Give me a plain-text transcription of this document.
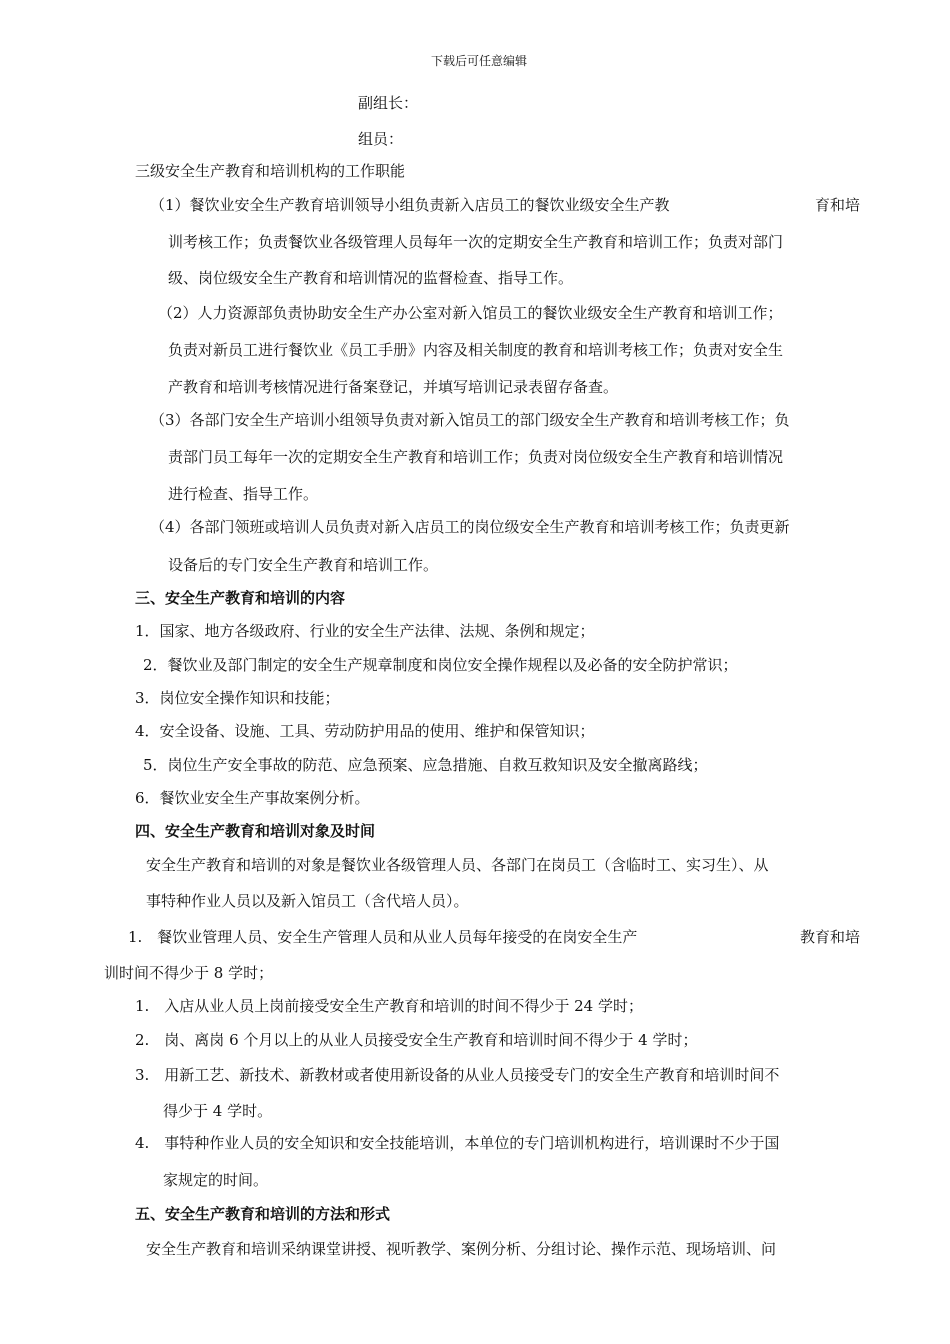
下载后可任意编辑
副组长：
组员：
三级安全生产教育和培训机构的工作职能
（1）餐饮业安全生产教育培训领导小组负责新入店员工的餐饮业级安全生产教	育和培
训考核工作；负责餐饮业各级管理人员每年一次的定期安全生产教育和培训工作；负责对部门
级、岗位级安全生产教育和培训情况的监督检查、指导工作。
（2）人力资源部负责协助安全生产办公室对新入馆员工的餐饮业级安全生产教育和培训工作；
负责对新员工进行餐饮业《员工手册》内容及相关制度的教育和培训考核工作；负责对安全生
产教育和培训考核情况进行备案登记，并填写培训记录表留存备查。
（3）各部门安全生产培训小组领导负责对新入馆员工的部门级安全生产教育和培训考核工作；负
责部门员工每年一次的定期安全生产教育和培训工作；负责对岗位级安全生产教育和培训情况
进行检查、指导工作。
（4）各部门领班或培训人员负责对新入店员工的岗位级安全生产教育和培训考核工作；负责更新
设备后的专门安全生产教育和培训工作。
三、安全生产教育和培训的内容
1．国家、地方各级政府、行业的安全生产法律、法规、条例和规定；
2．餐饮业及部门制定的安全生产规章制度和岗位安全操作规程以及必备的安全防护常识；
3．岗位安全操作知识和技能；
4．安全设备、设施、工具、劳动防护用品的使用、维护和保管知识；
5．岗位生产安全事故的防范、应急预案、应急措施、自救互救知识及安全撤离路线；
6．餐饮业安全生产事故案例分析。
四、安全生产教育和培训对象及时间
安全生产教育和培训的对象是餐饮业各级管理人员、各部门在岗员工（含临时工、实习生）、从
事特种作业人员以及新入馆员工（含代培人员）。
1.　餐饮业管理人员、安全生产管理人员和从业人员每年接受的在岗安全生产	教育和培
训时间不得少于 8 学时；
1.　入店从业人员上岗前接受安全生产教育和培训的时间不得少于 24 学时；
2.　岗、离岗 6 个月以上的从业人员接受安全生产教育和培训时间不得少于 4 学时；
3.　用新工艺、新技术、新教材或者使用新设备的从业人员接受专门的安全生产教育和培训时间不
得少于 4 学时。
4.　事特种作业人员的安全知识和安全技能培训，本单位的专门培训机构进行，培训课时不少于国
家规定的时间。
五、安全生产教育和培训的方法和形式
安全生产教育和培训采纳课堂讲授、视听教学、案例分析、分组讨论、操作示范、现场培训、问
